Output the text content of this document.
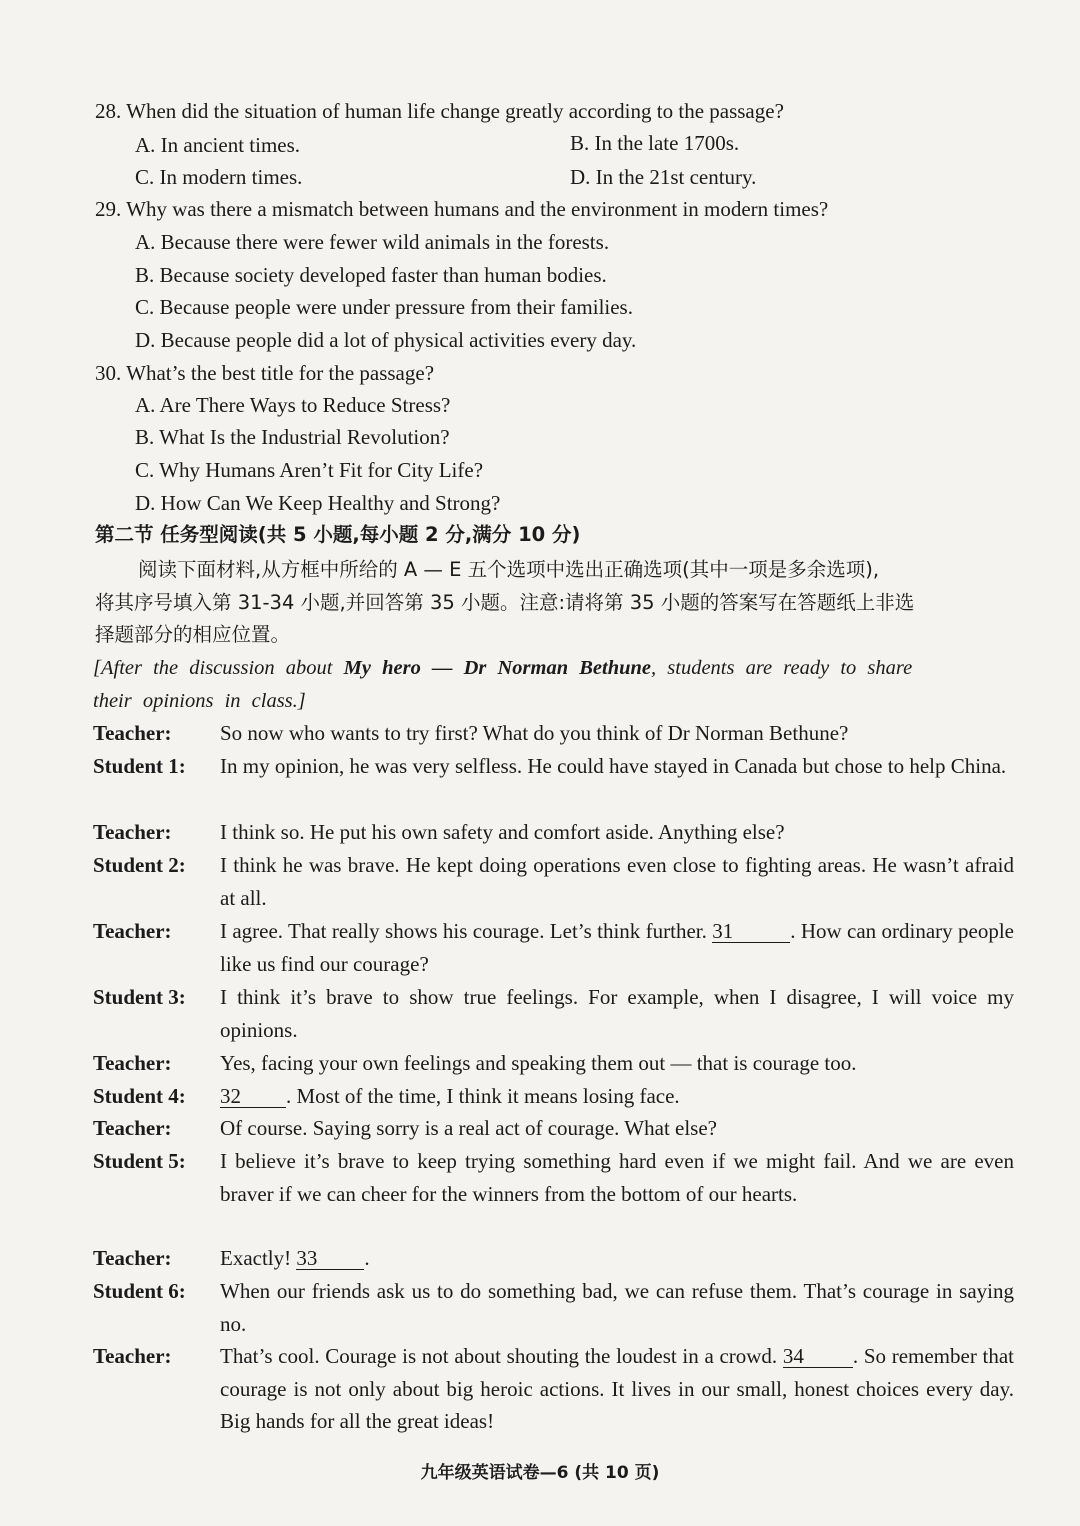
28. When did the situation of human life change greatly according to the passage?
A. In ancient times.	B. In the late 1700s.
C. In modern times.	D. In the 21st century.
29. Why was there a mismatch between humans and the environment in modern times?
A. Because there were fewer wild animals in the forests.
B. Because society developed faster than human bodies.
C. Because people were under pressure from their families.
D. Because people did a lot of physical activities every day.
30. What’s the best title for the passage?
A. Are There Ways to Reduce Stress?
B. What Is the Industrial Revolution?
C. Why Humans Aren’t Fit for City Life?
D. How Can We Keep Healthy and Strong?
第二节 任务型阅读(共 5 小题,每小题 2 分,满分 10 分)
阅读下面材料,从方框中所给的 A — E 五个选项中选出正确选项(其中一项是多余选项),
将其序号填入第 31-34 小题,并回答第 35 小题。注意:请将第 35 小题的答案写在答题纸上非选
择题部分的相应位置。
[After the discussion about My hero — Dr Norman Bethune, students are ready to share
their opinions in class.]
Teacher: So now who wants to try first? What do you think of Dr Norman Bethune?
Student 1: In my opinion, he was very selfless. He could have stayed in Canada but chose to help China.
Teacher: I think so. He put his own safety and comfort aside. Anything else?
Student 2: I think he was brave. He kept doing operations even close to fighting areas. He wasn’t afraid at all.
Teacher: I agree. That really shows his courage. Let’s think further. 31	. How can ordinary people like us find our courage?
Student 3: I think it’s brave to show true feelings. For example, when I disagree, I will voice my opinions.
Teacher: Yes, facing your own feelings and speaking them out — that is courage too.
Student 4: 32 . Most of the time, I think it means losing face.
Teacher: Of course. Saying sorry is a real act of courage. What else?
Student 5: I believe it’s brave to keep trying something hard even if we might fail. And we are even braver if we can cheer for the winners from the bottom of our hearts.
Teacher: Exactly! 33 .
Student 6: When our friends ask us to do something bad, we can refuse them. That’s courage in saying no.
Teacher: That’s cool. Courage is not about shouting the loudest in a crowd. 34 . So remember that courage is not only about big heroic actions. It lives in our small, honest choices every day. Big hands for all the great ideas!
九年级英语试卷—6 (共 10 页)
